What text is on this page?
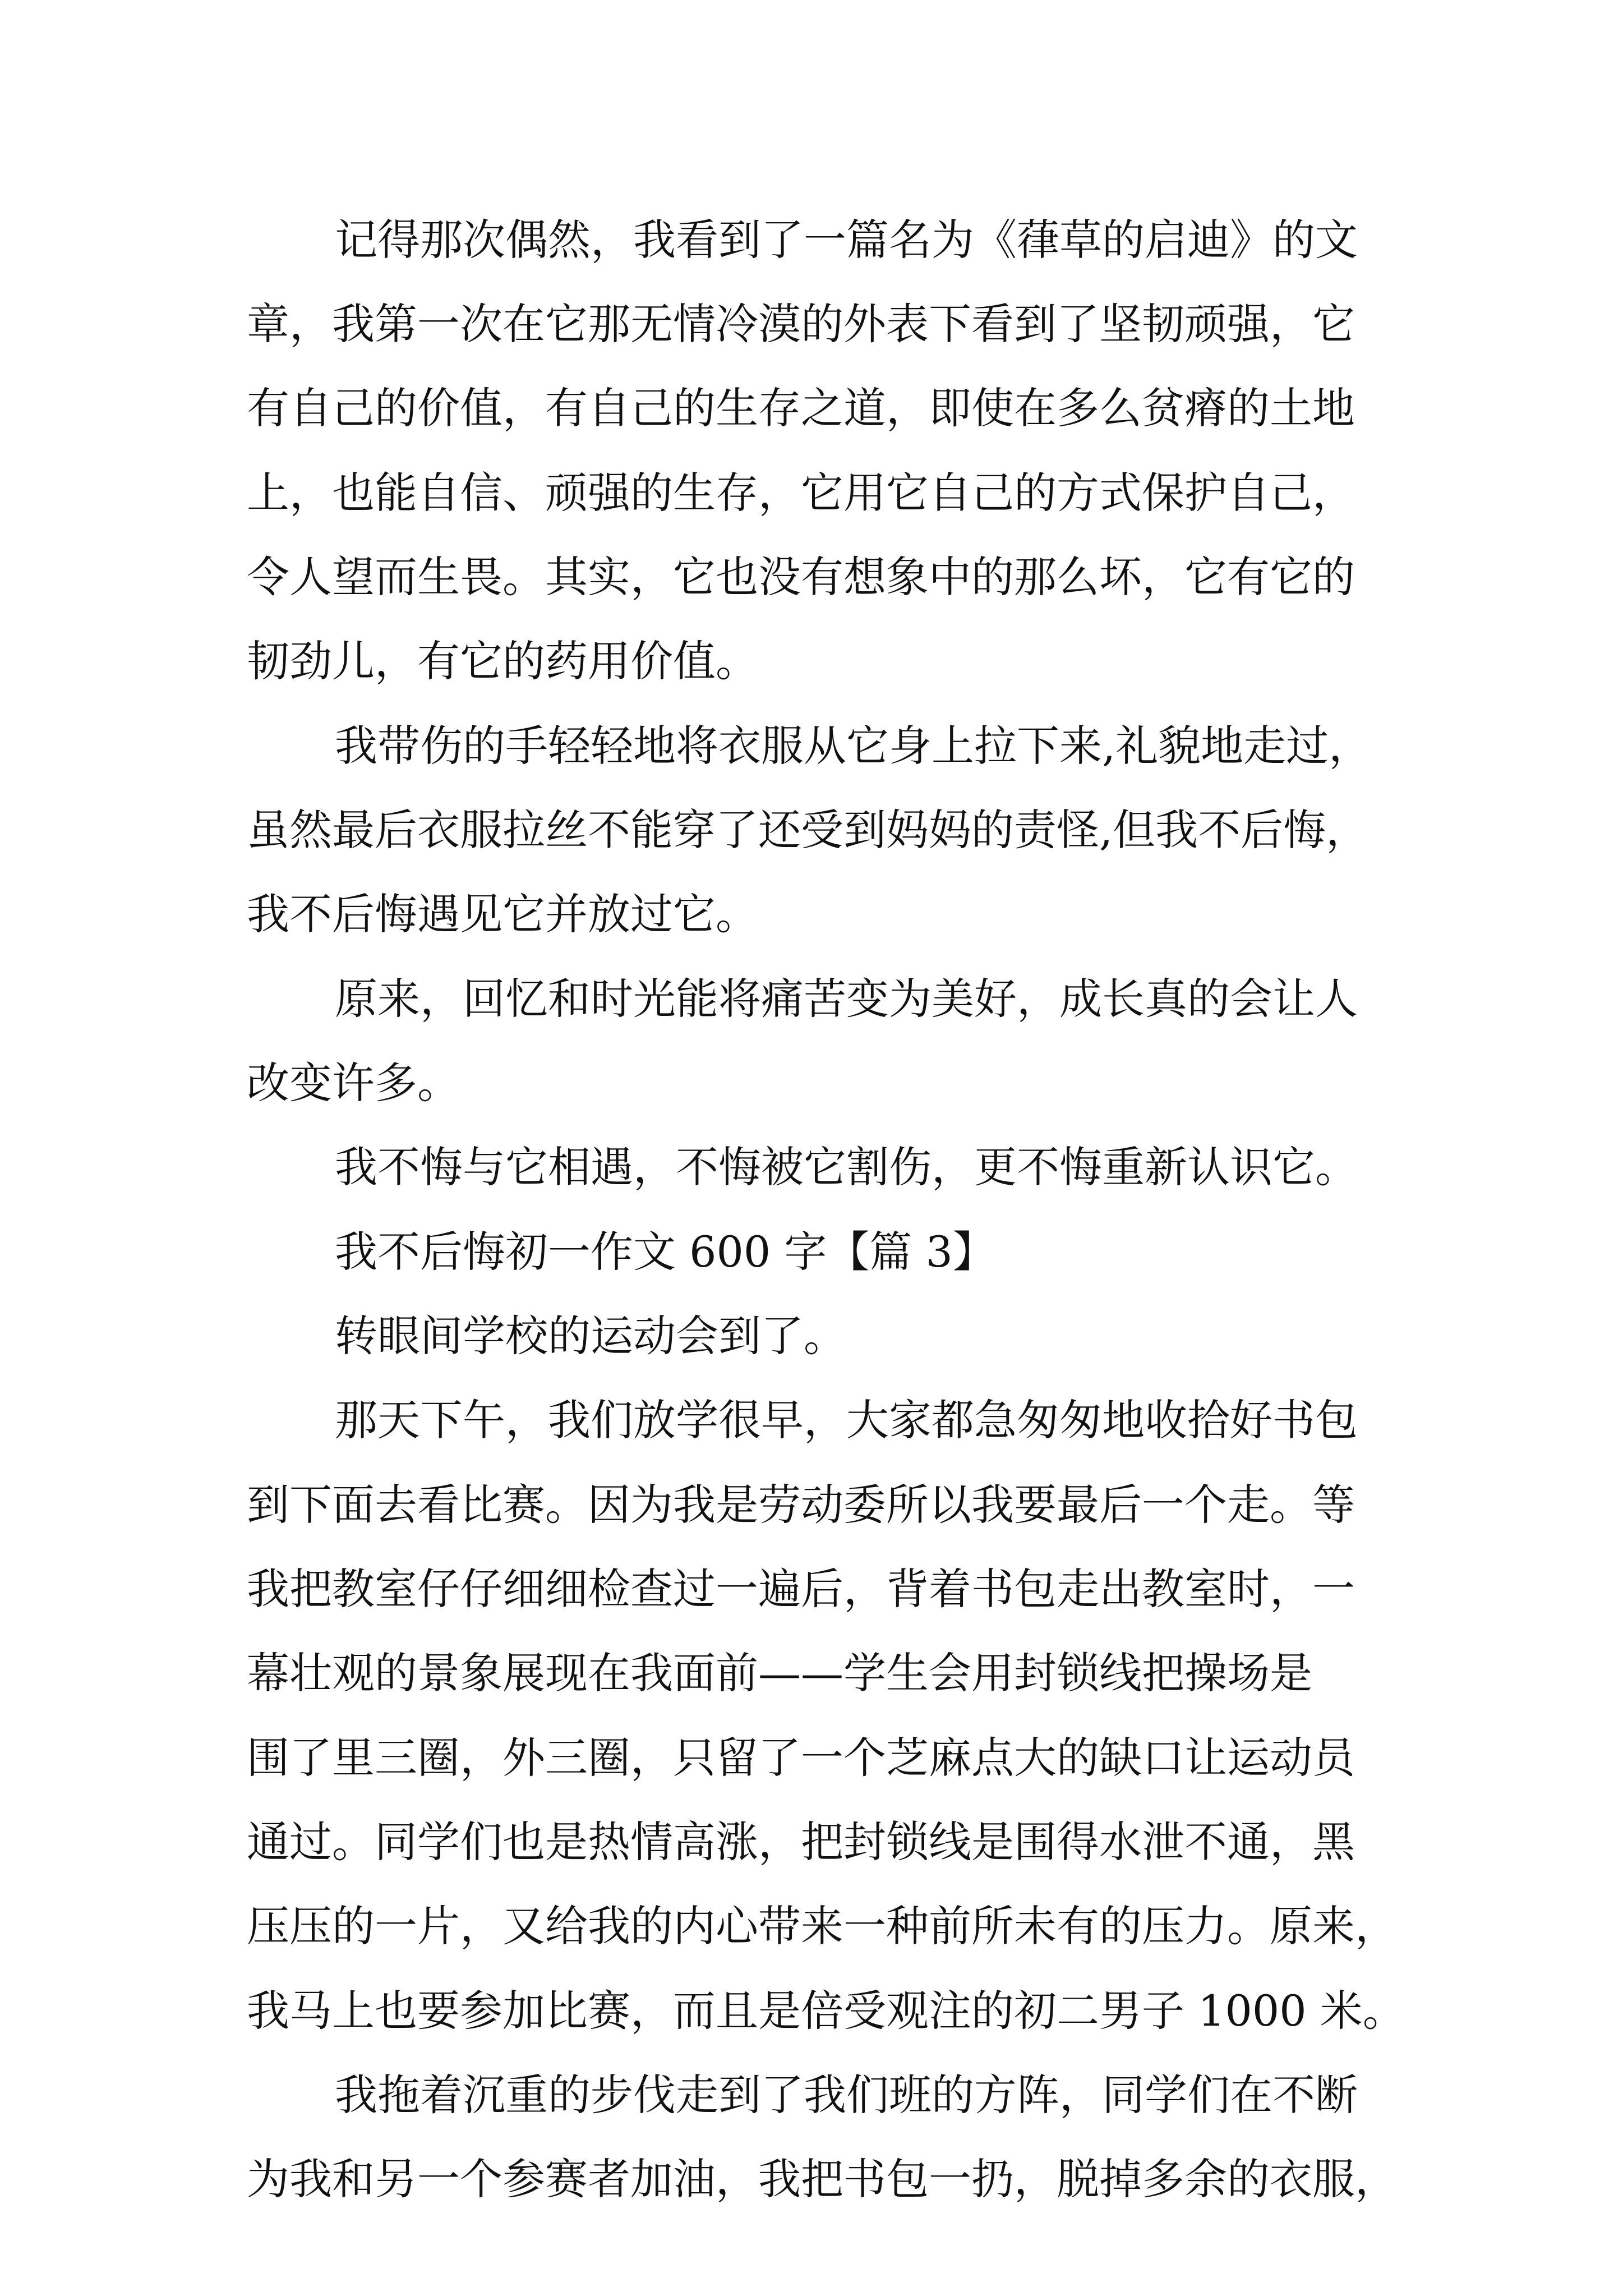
记得那次偶然，我看到了一篇名为《葎草的启迪》的文

章，我第一次在它那无情冷漠的外表下看到了坚韧顽强，它

有自己的价值，有自己的生存之道，即使在多么贫瘠的土地

上，也能自信、顽强的生存，它用它自己的方式保护自己，

令人望而生畏。其实，它也没有想象中的那么坏，它有它的

韧劲儿，有它的药用价值。

我带伤的手轻轻地将衣服从它身上拉下来,礼貌地走过，

虽然最后衣服拉丝不能穿了还受到妈妈的责怪,但我不后悔，

我不后悔遇见它并放过它。

原来，回忆和时光能将痛苦变为美好，成长真的会让人

改变许多。

我不悔与它相遇，不悔被它割伤，更不悔重新认识它。

我不后悔初一作文 600 字【篇 3】

转眼间学校的运动会到了。

那天下午，我们放学很早，大家都急匆匆地收拾好书包

到下面去看比赛。因为我是劳动委所以我要最后一个走。等

我把教室仔仔细细检查过一遍后，背着书包走出教室时，一

幕壮观的景象展现在我面前——学生会用封锁线把操场是

围了里三圈，外三圈，只留了一个芝麻点大的缺口让运动员

通过。同学们也是热情高涨，把封锁线是围得水泄不通，黑

压压的一片，又给我的内心带来一种前所未有的压力。原来，

我马上也要参加比赛，而且是倍受观注的初二男子 1000 米。

我拖着沉重的步伐走到了我们班的方阵，同学们在不断

为我和另一个参赛者加油，我把书包一扔，脱掉多余的衣服，
